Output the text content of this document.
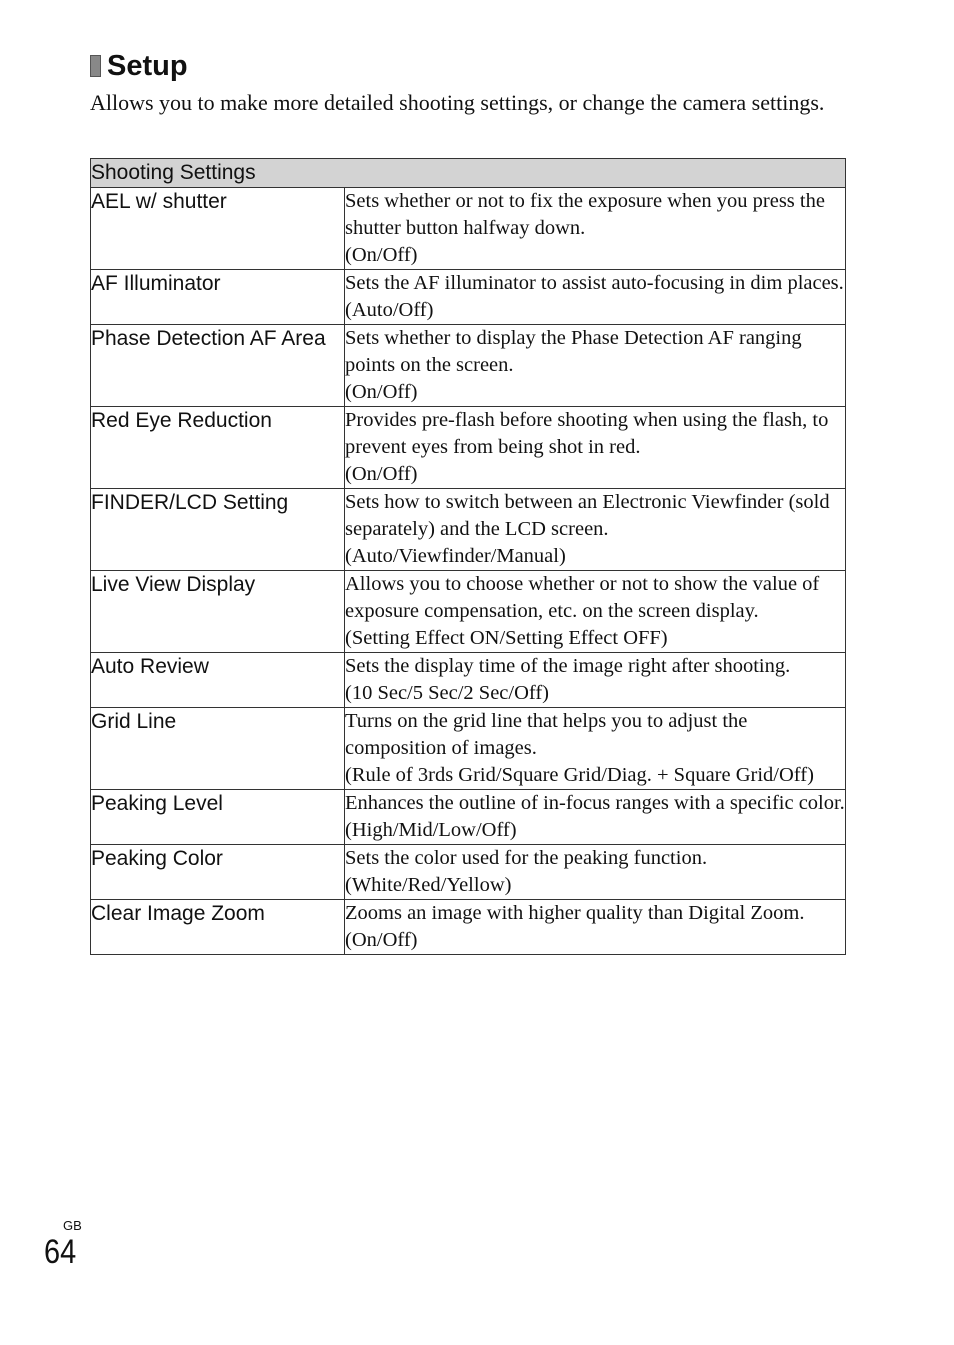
Setup

Allows you to make more detailed shooting settings, or change the camera settings.

Shooting Settings	
AEL w/ shutter	Sets whether or not to fix the exposure when you press the shutter button halfway down.
(On/Off)

AF Illuminator	Sets the AF illuminator to assist auto-focusing in dim places.
(Auto/Off)

Phase Detection AF Area	Sets whether to display the Phase Detection AF ranging points on the screen.
(On/Off)

Red Eye Reduction	Provides pre-flash before shooting when using the flash, to prevent eyes from being shot in red.
(On/Off)

FINDER/LCD Setting	Sets how to switch between an Electronic Viewfinder (sold separately) and the LCD screen.
(Auto/Viewfinder/Manual)

Live View Display	Allows you to choose whether or not to show the value of exposure compensation, etc. on the screen display.
(Setting Effect ON/Setting Effect OFF)

Auto Review	Sets the display time of the image right after shooting.
(10 Sec/5 Sec/2 Sec/Off)

Grid Line	Turns on the grid line that helps you to adjust the composition of images.
(Rule of 3rds Grid/Square Grid/Diag. + Square Grid/Off)

Peaking Level	Enhances the outline of in-focus ranges with a specific color.
(High/Mid/Low/Off)

Peaking Color	Sets the color used for the peaking function.
(White/Red/Yellow)

Clear Image Zoom	Zooms an image with higher quality than Digital Zoom.
(On/Off)
GB
64
